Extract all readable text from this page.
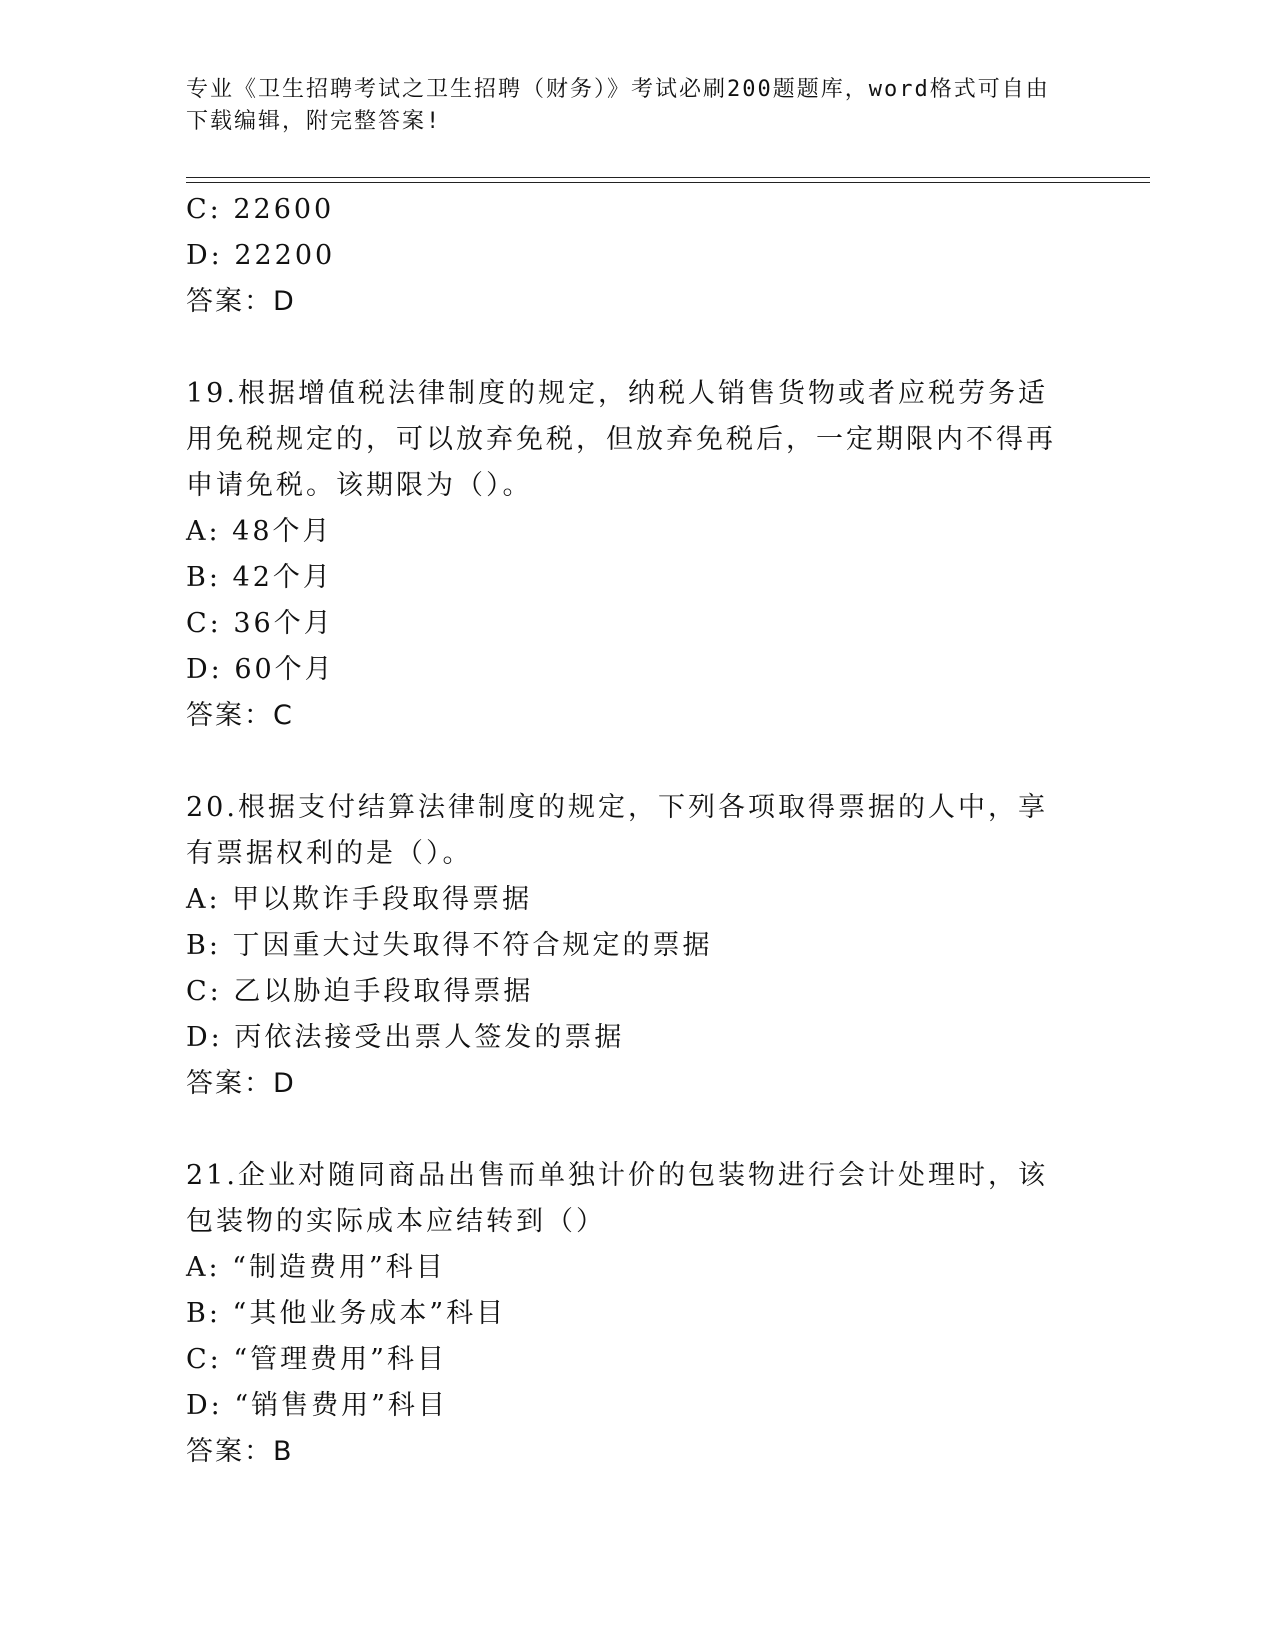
专业《卫生招聘考试之卫生招聘（财务）》考试必刷200题题库，word格式可自由下载编辑，附完整答案!
C: 22600
D: 22200
答案：D
19.根据增值税法律制度的规定，纳税人销售货物或者应税劳务适用免税规定的，可以放弃免税，但放弃免税后，一定期限内不得再申请免税。该期限为（）。
A: 48个月
B: 42个月
C: 36个月
D: 60个月
答案：C
20.根据支付结算法律制度的规定，下列各项取得票据的人中，享有票据权利的是（）。
A: 甲以欺诈手段取得票据
B: 丁因重大过失取得不符合规定的票据
C: 乙以胁迫手段取得票据
D: 丙依法接受出票人签发的票据
答案：D
21.企业对随同商品出售而单独计价的包装物进行会计处理时，该包装物的实际成本应结转到（）
A: “制造费用”科目
B: “其他业务成本”科目
C: “管理费用”科目
D: “销售费用”科目
答案：B
